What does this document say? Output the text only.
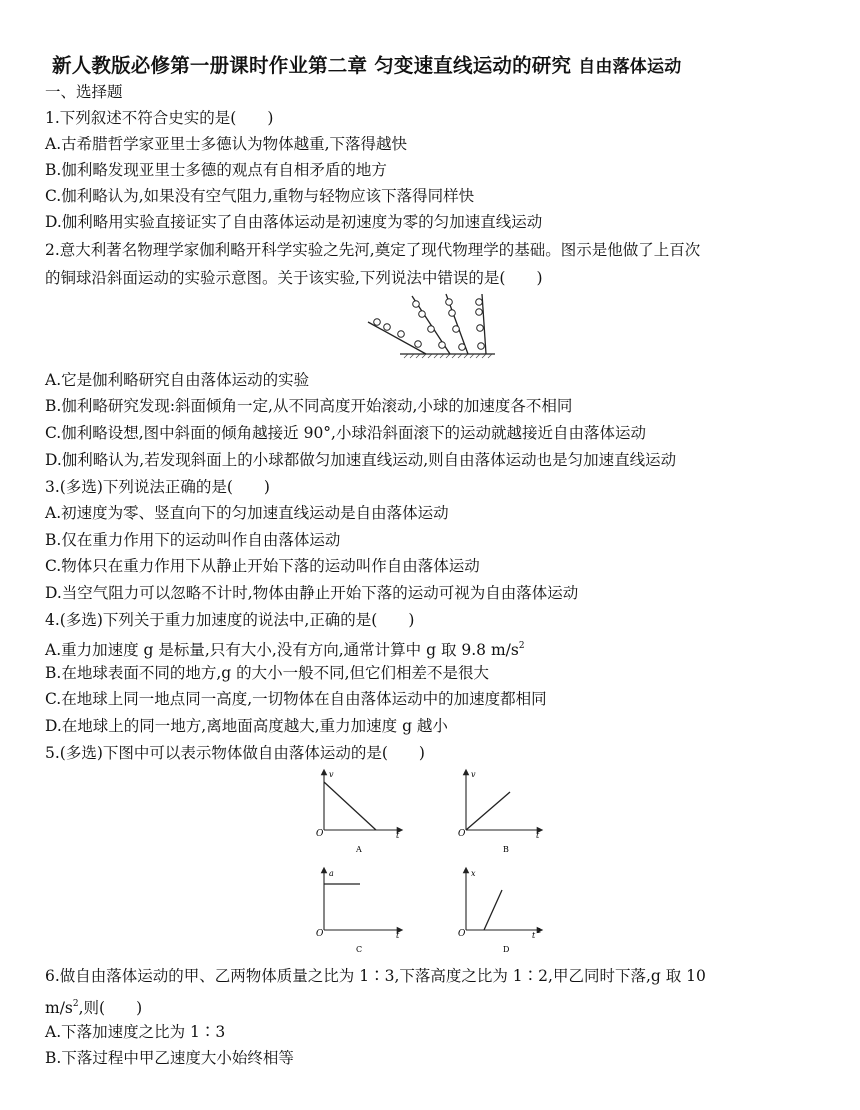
新人教版必修第一册课时作业第二章 匀变速直线运动的研究 自由落体运动
一、选择题
1.下列叙述不符合史实的是(　　)
A.古希腊哲学家亚里士多德认为物体越重,下落得越快
B.伽利略发现亚里士多德的观点有自相矛盾的地方
C.伽利略认为,如果没有空气阻力,重物与轻物应该下落得同样快
D.伽利略用实验直接证实了自由落体运动是初速度为零的匀加速直线运动
2.意大利著名物理学家伽利略开科学实验之先河,奠定了现代物理学的基础。图示是他做了上百次
的铜球沿斜面运动的实验示意图。关于该实验,下列说法中错误的是(　　)
A.它是伽利略研究自由落体运动的实验
B.伽利略研究发现:斜面倾角一定,从不同高度开始滚动,小球的加速度各不相同
C.伽利略设想,图中斜面的倾角越接近 90°,小球沿斜面滚下的运动就越接近自由落体运动
D.伽利略认为,若发现斜面上的小球都做匀加速直线运动,则自由落体运动也是匀加速直线运动
3.(多选)下列说法正确的是(　　)
A.初速度为零、竖直向下的匀加速直线运动是自由落体运动
B.仅在重力作用下的运动叫作自由落体运动
C.物体只在重力作用下从静止开始下落的运动叫作自由落体运动
D.当空气阻力可以忽略不计时,物体由静止开始下落的运动可视为自由落体运动
4.(多选)下列关于重力加速度的说法中,正确的是(　　)
A.重力加速度 g 是标量,只有大小,没有方向,通常计算中 g 取 9.8 $m/s^2$
B.在地球表面不同的地方,g 的大小一般不同,但它们相差不是很大
C.在地球上同一地点同一高度,一切物体在自由落体运动中的加速度都相同
D.在地球上的同一地方,离地面高度越大,重力加速度 g 越小
5.(多选)下图中可以表示物体做自由落体运动的是(　　)
v
t
O
A
v
t
O
B
a
t
O
C
x
t 2
O
D
6.做自由落体运动的甲、乙两物体质量之比为 1∶3,下落高度之比为 1∶2,甲乙同时下落,g 取 10
$m/s^2$,则(　　)
A.下落加速度之比为 1∶3
B.下落过程中甲乙速度大小始终相等
